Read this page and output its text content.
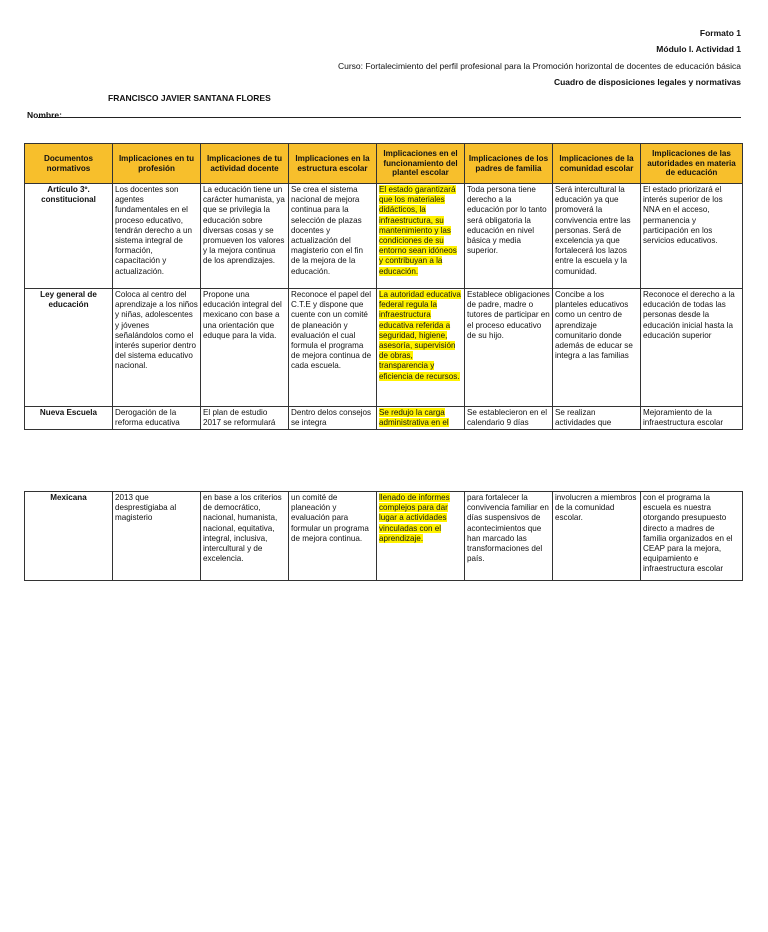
Formato 1
Módulo I. Actividad 1
Curso: Fortalecimiento del perfil profesional para la Promoción horizontal de docentes de educación básica
Cuadro de disposiciones legales y normativas
FRANCISCO JAVIER SANTANA FLORES
Nombre:
Documentos normativos	Implicaciones en tu profesión	Implicaciones de tu actividad docente	Implicaciones en la estructura escolar	Implicaciones en el funcionamiento del plantel escolar	Implicaciones de los padres de familia	Implicaciones de la comunidad escolar	Implicaciones de las autoridades en materia de educación
Artículo 3º. constitucional	Los docentes son agentes fundamentales en el proceso educativo, tendrán derecho a un sistema integral de formación, capacitación y actualización.	La educación tiene un carácter humanista, ya que se privilegia la educación sobre diversas cosas y se promueven los valores y la mejora continua de los aprendizajes.	Se crea el sistema nacional de mejora continua para la selección de plazas docentes y actualización del magisterio con el fin de la mejora de la educación.	El estado garantizará que los materiales didácticos, la infraestructura, su mantenimiento y las condiciones de su entorno sean idóneos y contribuyan a la educación.	Toda persona tiene derecho a la educación por lo tanto será obligatoria la educación en nivel básica y media superior.	Será intercultural la educación ya que promoverá la convivencia entre las personas. Será de excelencia ya que fortalecerá los lazos entre la escuela y la comunidad.	El estado priorizará el interés superior de los NNA en el acceso, permanencia y participación en los servicios educativos.
Ley general de educación	Coloca al centro del aprendizaje a los niños y niñas, adolescentes y jóvenes señalándolos como el interés superior dentro del sistema educativo nacional.	Propone una educación integral del mexicano con base a una orientación que eduque para la vida.	Reconoce el papel del C.T.E y dispone que cuente con un comité de planeación y evaluación el cual formula el programa de mejora continua de cada escuela.	La autoridad educativa federal regula la infraestructura educativa referida a seguridad, higiene, asesoría, supervisión de obras, transparencia y eficiencia de recursos.	Establece obligaciones de padre, madre o tutores de participar en el proceso educativo de su hijo.	Concibe a los planteles educativos como un centro de aprendizaje comunitario donde además de educar se integra a las familias	Reconoce el derecho a la educación de todas las personas desde la educación inicial hasta la educación superior
Nueva Escuela	Derogación de la reforma educativa	El plan de estudio 2017 se reformulará	Dentro delos consejos se integra	Se redujo la carga administrativa en el	Se establecieron en el calendario 9 días	Se realizan actividades que	Mejoramiento de la infraestructura escolar
Mexicana	2013 que desprestigiaba al magisterio	en base a los criterios de democrático, nacional, humanista, nacional, equitativa, integral, inclusiva, intercultural y de excelencia.	un comité de planeación y evaluación para formular un programa de mejora continua.	llenado de informes complejos para dar lugar a actividades vinculadas con el aprendizaje.	para fortalecer la convivencia familiar en días suspensivos de acontecimientos que han marcado las transformaciones del país.	involucren a miembros de la comunidad escolar.	con el programa la escuela es nuestra otorgando presupuesto directo a madres de familia organizados en el CEAP para la mejora, equipamiento e infraestructura escolar
